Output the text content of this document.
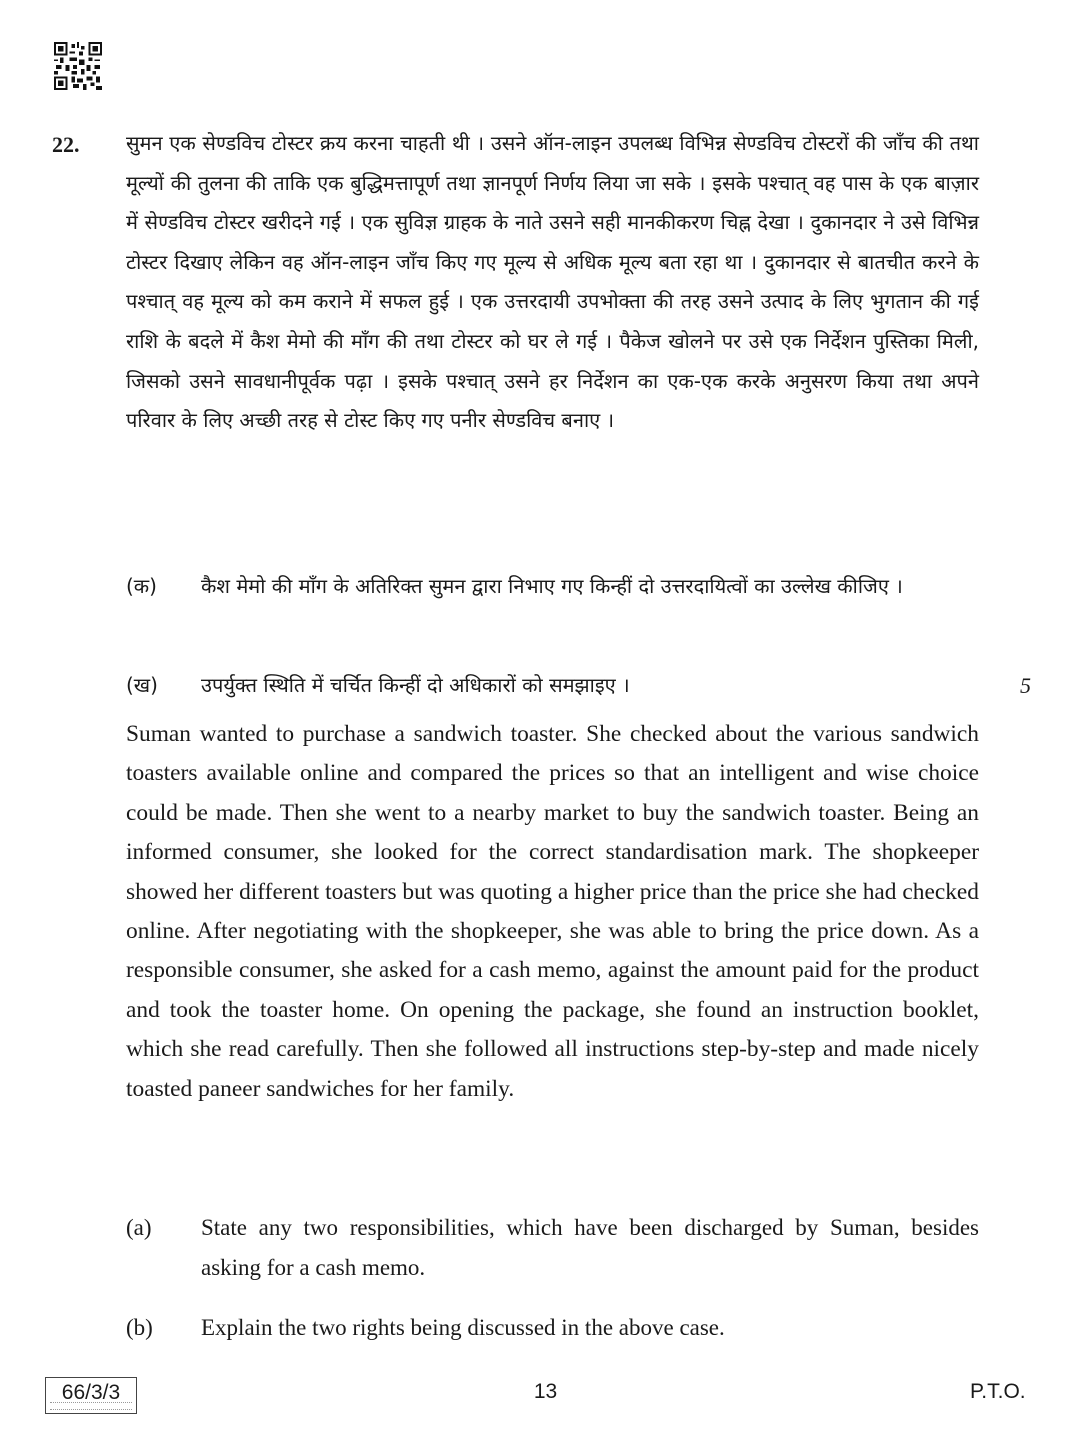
22. सुमन एक सेण्डविच टोस्टर क्रय करना चाहती थी । उसने ऑन-लाइन उपलब्ध विभिन्न सेण्डविच टोस्टरों की जाँच की तथा मूल्यों की तुलना की ताकि एक बुद्धिमत्तापूर्ण तथा ज्ञानपूर्ण निर्णय लिया जा सके । इसके पश्चात् वह पास के एक बाज़ार में सेण्डविच टोस्टर खरीदने गई । एक सुविज्ञ ग्राहक के नाते उसने सही मानकीकरण चिह्न देखा । दुकानदार ने उसे विभिन्न टोस्टर दिखाए लेकिन वह ऑन-लाइन जाँच किए गए मूल्य से अधिक मूल्य बता रहा था । दुकानदार से बातचीत करने के पश्चात् वह मूल्य को कम कराने में सफल हुई । एक उत्तरदायी उपभोक्ता की तरह उसने उत्पाद के लिए भुगतान की गई राशि के बदले में कैश मेमो की माँग की तथा टोस्टर को घर ले गई । पैकेज खोलने पर उसे एक निर्देशन पुस्तिका मिली, जिसको उसने सावधानीपूर्वक पढ़ा । इसके पश्चात् उसने हर निर्देशन का एक-एक करके अनुसरण किया तथा अपने परिवार के लिए अच्छी तरह से टोस्ट किए गए पनीर सेण्डविच बनाए ।

(क) कैश मेमो की माँग के अतिरिक्त सुमन द्वारा निभाए गए किन्हीं दो उत्तरदायित्वों का उल्लेख कीजिए ।

(ख) उपर्युक्त स्थिति में चर्चित किन्हीं दो अधिकारों को समझाइए ।	5

Suman wanted to purchase a sandwich toaster. She checked about the various sandwich toasters available online and compared the prices so that an intelligent and wise choice could be made. Then she went to a nearby market to buy the sandwich toaster. Being an informed consumer, she looked for the correct standardisation mark. The shopkeeper showed her different toasters but was quoting a higher price than the price she had checked online. After negotiating with the shopkeeper, she was able to bring the price down. As a responsible consumer, she asked for a cash memo, against the amount paid for the product and took the toaster home. On opening the package, she found an instruction booklet, which she read carefully. Then she followed all instructions step-by-step and made nicely toasted paneer sandwiches for her family.

(a) State any two responsibilities, which have been discharged by Suman, besides asking for a cash memo.

(b) Explain the two rights being discussed in the above case.

66/3/3	13	P.T.O.
